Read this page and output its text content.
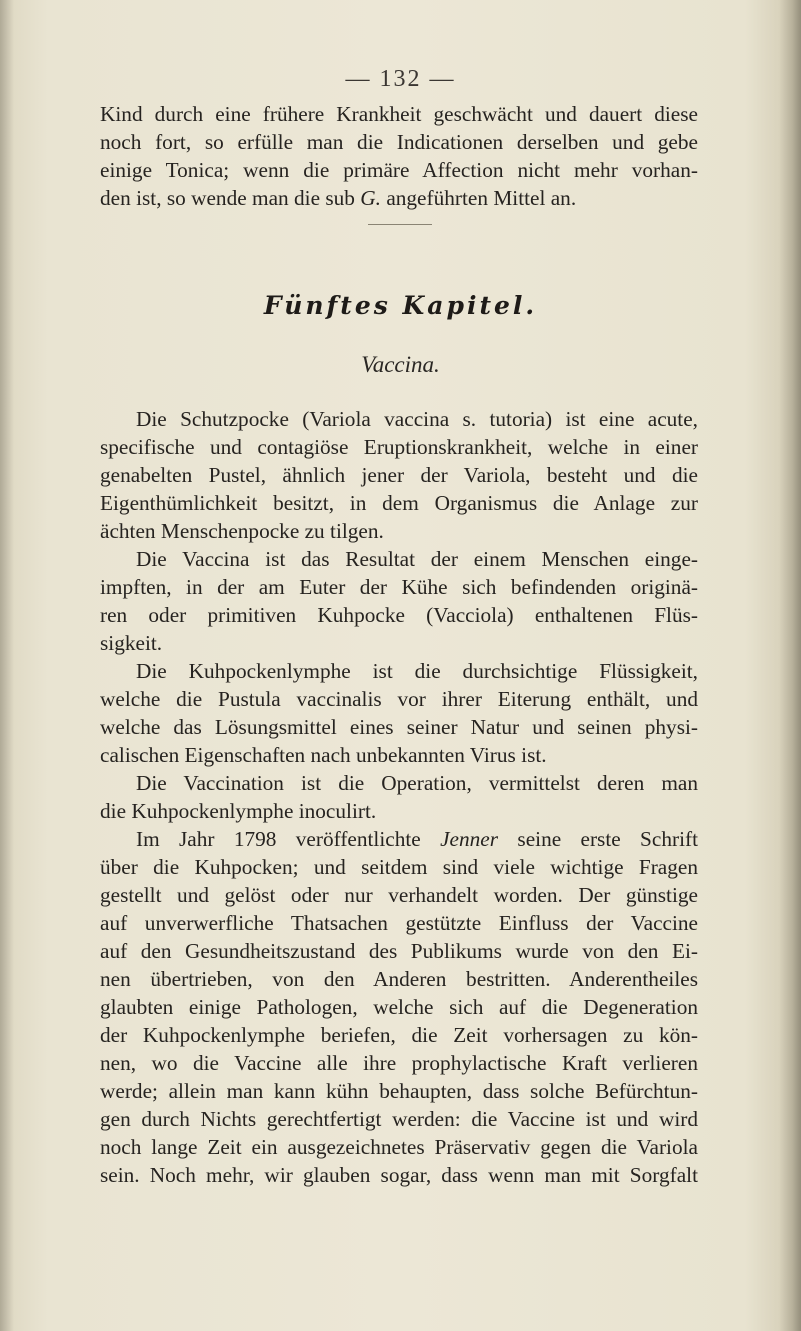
— 132 —
Kind durch eine frühere Krankheit geschwächt und dauert diese
noch fort, so erfülle man die Indicationen derselben und gebe
einige Tonica; wenn die primäre Affection nicht mehr vorhan-
den ist, so wende man die sub G. angeführten Mittel an.
Fünftes Kapitel.
Vaccina.
Die Schutzpocke (Variola vaccina s. tutoria) ist eine acute,
specifische und contagiöse Eruptionskrankheit, welche in einer
genabelten Pustel, ähnlich jener der Variola, besteht und die
Eigenthümlichkeit besitzt, in dem Organismus die Anlage zur
ächten Menschenpocke zu tilgen.
Die Vaccina ist das Resultat der einem Menschen einge-
impften, in der am Euter der Kühe sich befindenden originä-
ren oder primitiven Kuhpocke (Vacciola) enthaltenen Flüs-
sigkeit.
Die Kuhpockenlymphe ist die durchsichtige Flüssigkeit,
welche die Pustula vaccinalis vor ihrer Eiterung enthält, und
welche das Lösungsmittel eines seiner Natur und seinen physi-
calischen Eigenschaften nach unbekannten Virus ist.
Die Vaccination ist die Operation, vermittelst deren man
die Kuhpockenlymphe inoculirt.
Im Jahr 1798 veröffentlichte Jenner seine erste Schrift
über die Kuhpocken; und seitdem sind viele wichtige Fragen
gestellt und gelöst oder nur verhandelt worden. Der günstige
auf unverwerfliche Thatsachen gestützte Einfluss der Vaccine
auf den Gesundheitszustand des Publikums wurde von den Ei-
nen übertrieben, von den Anderen bestritten. Anderentheiles
glaubten einige Pathologen, welche sich auf die Degeneration
der Kuhpockenlymphe beriefen, die Zeit vorhersagen zu kön-
nen, wo die Vaccine alle ihre prophylactische Kraft verlieren
werde; allein man kann kühn behaupten, dass solche Befürchtun-
gen durch Nichts gerechtfertigt werden: die Vaccine ist und wird
noch lange Zeit ein ausgezeichnetes Präservativ gegen die Variola
sein. Noch mehr, wir glauben sogar, dass wenn man mit Sorgfalt
